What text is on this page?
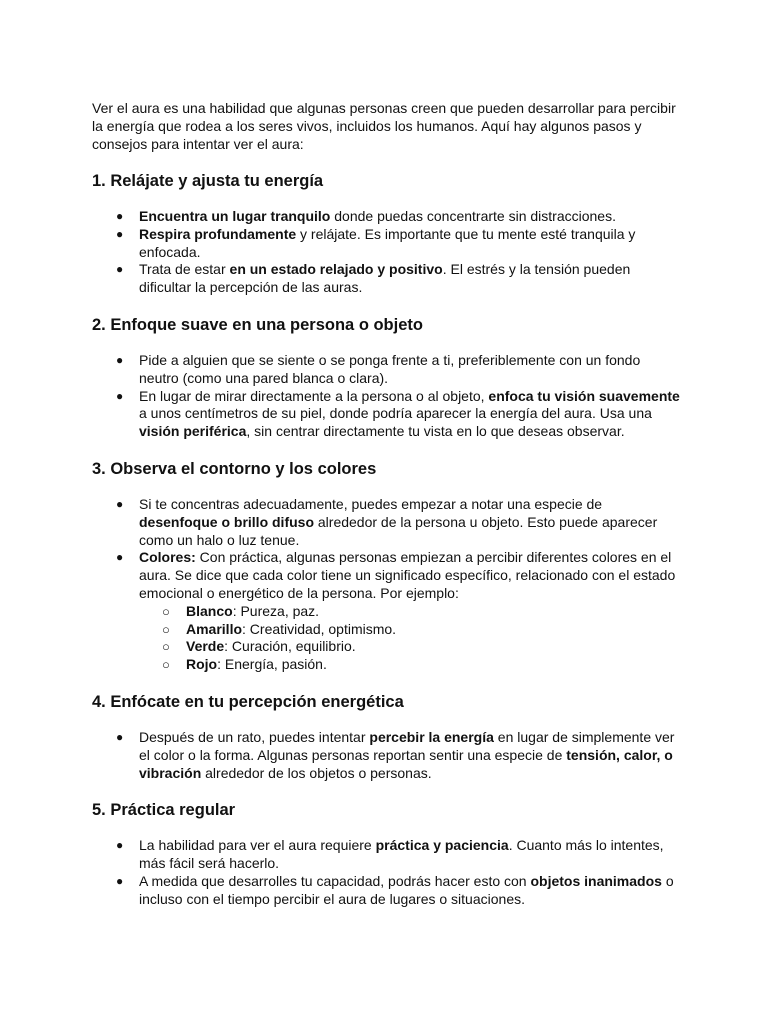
Ver el aura es una habilidad que algunas personas creen que pueden desarrollar para percibir la energía que rodea a los seres vivos, incluidos los humanos. Aquí hay algunos pasos y consejos para intentar ver el aura:

1. Relájate y ajusta tu energía
● Encuentra un lugar tranquilo donde puedas concentrarte sin distracciones.
● Respira profundamente y relájate. Es importante que tu mente esté tranquila y enfocada.
● Trata de estar en un estado relajado y positivo. El estrés y la tensión pueden dificultar la percepción de las auras.
2. Enfoque suave en una persona o objeto
● Pide a alguien que se siente o se ponga frente a ti, preferiblemente con un fondo neutro (como una pared blanca o clara).
● En lugar de mirar directamente a la persona o al objeto, enfoca tu visión suavemente a unos centímetros de su piel, donde podría aparecer la energía del aura. Usa una visión periférica, sin centrar directamente tu vista en lo que deseas observar.
3. Observa el contorno y los colores
● Si te concentras adecuadamente, puedes empezar a notar una especie de desenfoque o brillo difuso alrededor de la persona u objeto. Esto puede aparecer como un halo o luz tenue.
● Colores: Con práctica, algunas personas empiezan a percibir diferentes colores en el aura. Se dice que cada color tiene un significado específico, relacionado con el estado emocional o energético de la persona. Por ejemplo:
○ Blanco: Pureza, paz.
○ Amarillo: Creatividad, optimismo.
○ Verde: Curación, equilibrio.
○ Rojo: Energía, pasión.
4. Enfócate en tu percepción energética
● Después de un rato, puedes intentar percebir la energía en lugar de simplemente ver el color o la forma. Algunas personas reportan sentir una especie de tensión, calor, o vibración alrededor de los objetos o personas.
5. Práctica regular
● La habilidad para ver el aura requiere práctica y paciencia. Cuanto más lo intentes, más fácil será hacerlo.
● A medida que desarrolles tu capacidad, podrás hacer esto con objetos inanimados o incluso con el tiempo percibir el aura de lugares o situaciones.
